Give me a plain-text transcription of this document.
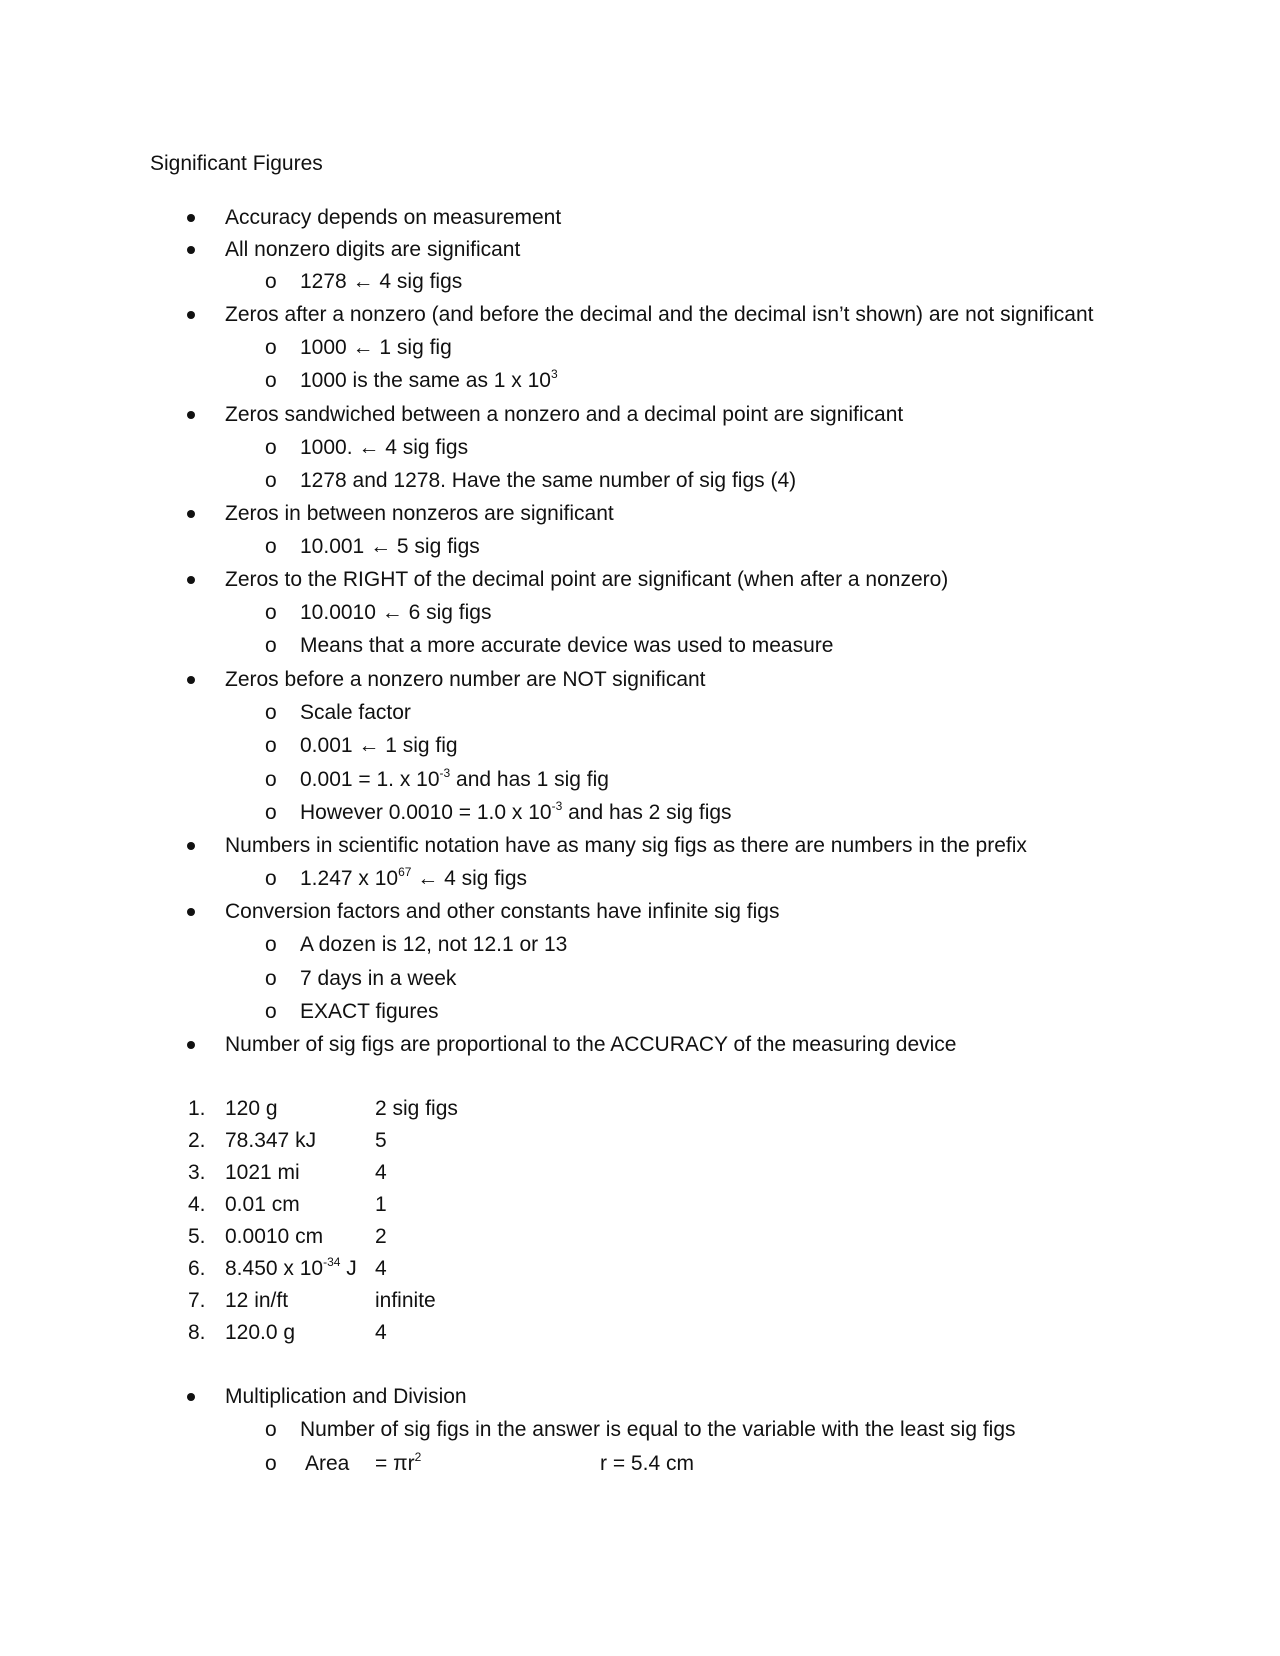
Significant Figures
Accuracy depends on measurement
All nonzero digits are significant
o 1278 ← 4 sig figs
Zeros after a nonzero (and before the decimal and the decimal isn’t shown) are not significant
o 1000 ← 1 sig fig
o 1000 is the same as 1 x $10^3$
Zeros sandwiched between a nonzero and a decimal point are significant
o 1000. ← 4 sig figs
o 1278 and 1278. Have the same number of sig figs (4)
Zeros in between nonzeros are significant
o 10.001 ← 5 sig figs
Zeros to the RIGHT of the decimal point are significant (when after a nonzero)
o 10.0010 ← 6 sig figs
o Means that a more accurate device was used to measure
Zeros before a nonzero number are NOT significant
o Scale factor
o 0.001 ← 1 sig fig
o 0.001 = 1. x $10^{-3}$ and has 1 sig fig
o However 0.0010 = 1.0 x $10^{-3}$ and has 2 sig figs
Numbers in scientific notation have as many sig figs as there are numbers in the prefix
o 1.247 x $10^{67}$ ← 4 sig figs
Conversion factors and other constants have infinite sig figs
o A dozen is 12, not 12.1 or 13
o 7 days in a week
o EXACT figures
Number of sig figs are proportional to the ACCURACY of the measuring device
1. 120 g	2 sig figs
2. 78.347 kJ	5
3. 1021 mi	4
4. 0.01 cm	1
5. 0.0010 cm 2
6. 8.450 x $10^{-34}$ J 4
7. 12 in/ft	infinite
8. 120.0 g	4
Multiplication and Division
o Number of sig figs in the answer is equal to the variable with the least sig figs
o Area = $\pi r^2$	r = 5.4 cm
